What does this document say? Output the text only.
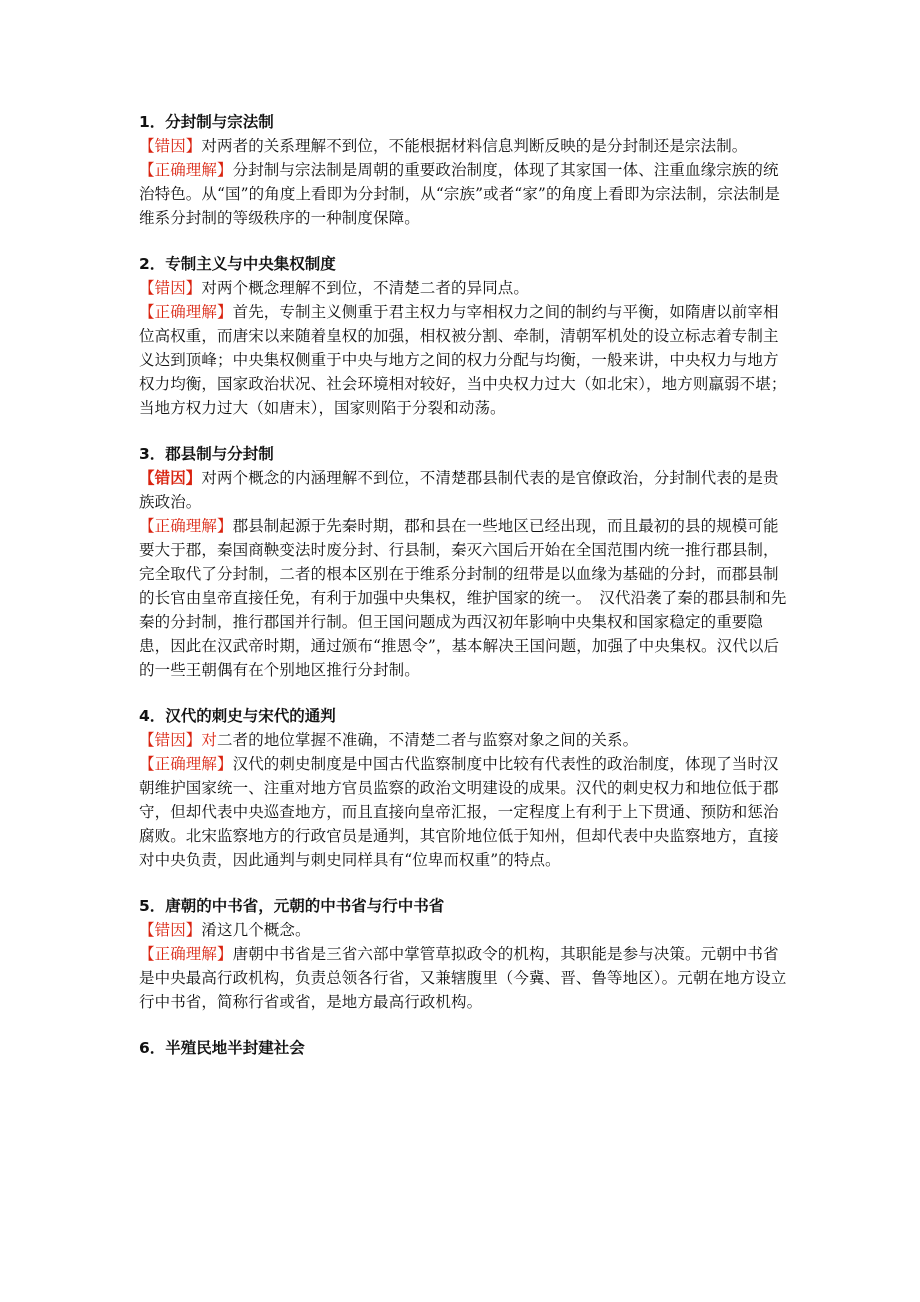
1．分封制与宗法制

【错因】对两者的关系理解不到位，不能根据材料信息判断反映的是分封制还是宗法制。

【正确理解】分封制与宗法制是周朝的重要政治制度，体现了其家国一体、注重血缘宗族的统治特色。从“国”的角度上看即为分封制，从“宗族”或者“家”的角度上看即为宗法制，宗法制是维系分封制的等级秩序的一种制度保障。

2．专制主义与中央集权制度

【错因】对两个概念理解不到位，不清楚二者的异同点。

【正确理解】首先，专制主义侧重于君主权力与宰相权力之间的制约与平衡，如隋唐以前宰相位高权重，而唐宋以来随着皇权的加强，相权被分割、牵制，清朝军机处的设立标志着专制主义达到顶峰；中央集权侧重于中央与地方之间的权力分配与均衡，一般来讲，中央权力与地方权力均衡，国家政治状况、社会环境相对较好，当中央权力过大（如北宋），地方则羸弱不堪；当地方权力过大（如唐末），国家则陷于分裂和动荡。

3．郡县制与分封制

【错因】对两个概念的内涵理解不到位，不清楚郡县制代表的是官僚政治，分封制代表的是贵族政治。

【正确理解】郡县制起源于先秦时期，郡和县在一些地区已经出现，而且最初的县的规模可能要大于郡，秦国商鞅变法时废分封、行县制，秦灭六国后开始在全国范围内统一推行郡县制，完全取代了分封制，二者的根本区别在于维系分封制的纽带是以血缘为基础的分封，而郡县制的长官由皇帝直接任免，有利于加强中央集权，维护国家的统一。　汉代沿袭了秦的郡县制和先秦的分封制，推行郡国并行制。但王国问题成为西汉初年影响中央集权和国家稳定的重要隐患，因此在汉武帝时期，通过颁布“推恩令”，基本解决王国问题，加强了中央集权。汉代以后的一些王朝偶有在个别地区推行分封制。

4．汉代的刺史与宋代的通判

【错因】对二者的地位掌握不准确，不清楚二者与监察对象之间的关系。

【正确理解】汉代的刺史制度是中国古代监察制度中比较有代表性的政治制度，体现了当时汉朝维护国家统一、注重对地方官员监察的政治文明建设的成果。汉代的刺史权力和地位低于郡守，但却代表中央巡查地方，而且直接向皇帝汇报，一定程度上有利于上下贯通、预防和惩治腐败。北宋监察地方的行政官员是通判，其官阶地位低于知州，但却代表中央监察地方，直接对中央负责，因此通判与刺史同样具有“位卑而权重”的特点。

5．唐朝的中书省，元朝的中书省与行中书省

【错因】淆这几个概念。

【正确理解】唐朝中书省是三省六部中掌管草拟政令的机构，其职能是参与决策。元朝中书省是中央最高行政机构，负责总领各行省，又兼辖腹里（今冀、晋、鲁等地区）。元朝在地方设立行中书省，简称行省或省，是地方最高行政机构。

6．半殖民地半封建社会
